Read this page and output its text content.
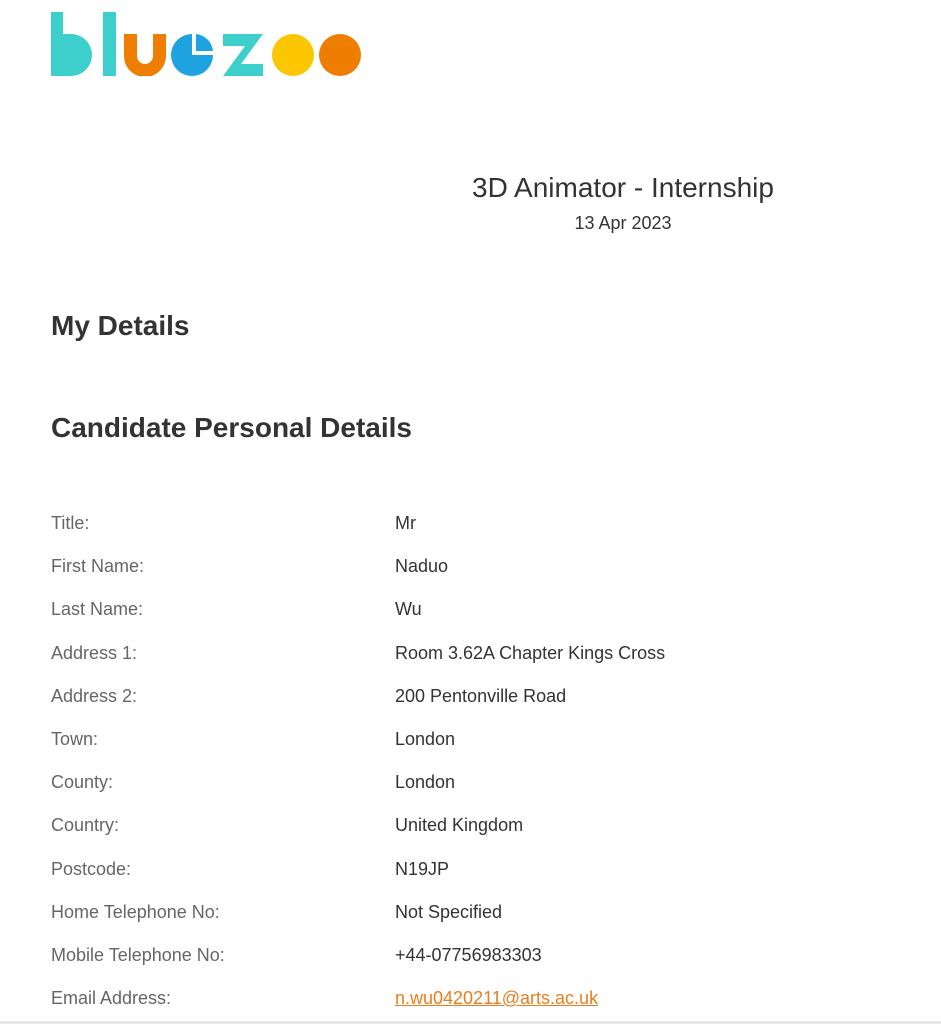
3D Animator - Internship
13 Apr 2023
My Details
Candidate Personal Details
Title:	Mr
First Name:	Naduo
Last Name:	Wu
Address 1:	Room 3.62A Chapter Kings Cross
Address 2:	200 Pentonville Road
Town:	London
County:	London
Country:	United Kingdom
Postcode:	N19JP
Home Telephone No:	Not Specified
Mobile Telephone No:	+44-07756983303
Email Address:	n.wu0420211@arts.ac.uk
